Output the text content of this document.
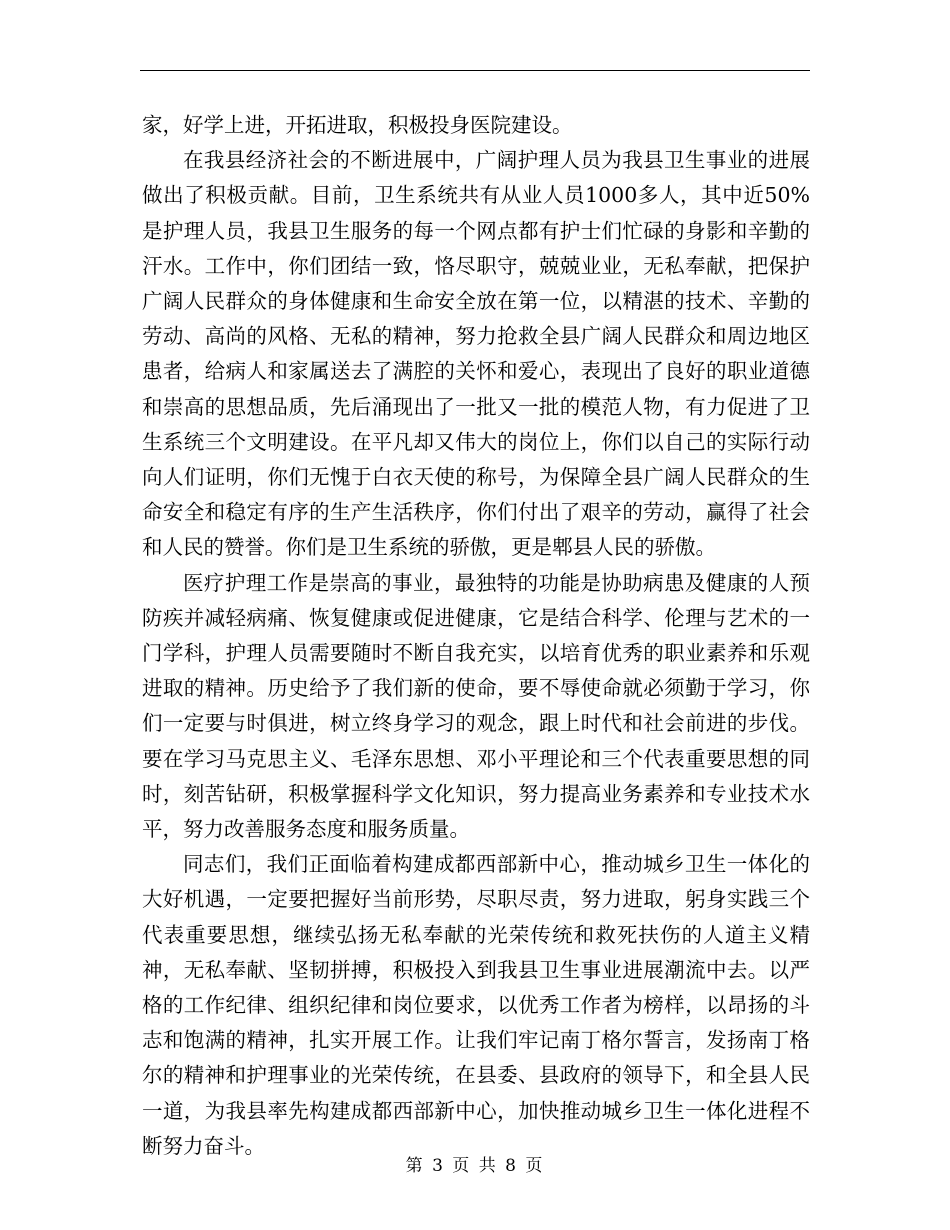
家，好学上进，开拓进取，积极投身医院建设。

在我县经济社会的不断进展中，广阔护理人员为我县卫生事业的进展做出了积极贡献。目前，卫生系统共有从业人员1000多人，其中近50%是护理人员，我县卫生服务的每一个网点都有护士们忙碌的身影和辛勤的汗水。工作中，你们团结一致，恪尽职守，兢兢业业，无私奉献，把保护广阔人民群众的身体健康和生命安全放在第一位，以精湛的技术、辛勤的劳动、高尚的风格、无私的精神，努力抢救全县广阔人民群众和周边地区患者，给病人和家属送去了满腔的关怀和爱心，表现出了良好的职业道德和崇高的思想品质，先后涌现出了一批又一批的模范人物，有力促进了卫生系统三个文明建设。在平凡却又伟大的岗位上，你们以自己的实际行动向人们证明，你们无愧于白衣天使的称号，为保障全县广阔人民群众的生命安全和稳定有序的生产生活秩序，你们付出了艰辛的劳动，赢得了社会和人民的赞誉。你们是卫生系统的骄傲，更是郫县人民的骄傲。

医疗护理工作是崇高的事业，最独特的功能是协助病患及健康的人预防疾并减轻病痛、恢复健康或促进健康，它是结合科学、伦理与艺术的一门学科，护理人员需要随时不断自我充实，以培育优秀的职业素养和乐观进取的精神。历史给予了我们新的使命，要不辱使命就必须勤于学习，你们一定要与时俱进，树立终身学习的观念，跟上时代和社会前进的步伐。要在学习马克思主义、毛泽东思想、邓小平理论和三个代表重要思想的同时，刻苦钻研，积极掌握科学文化知识，努力提高业务素养和专业技术水平，努力改善服务态度和服务质量。

同志们，我们正面临着构建成都西部新中心，推动城乡卫生一体化的大好机遇，一定要把握好当前形势，尽职尽责，努力进取，躬身实践三个代表重要思想，继续弘扬无私奉献的光荣传统和救死扶伤的人道主义精神，无私奉献、坚韧拼搏，积极投入到我县卫生事业进展潮流中去。以严格的工作纪律、组织纪律和岗位要求，以优秀工作者为榜样，以昂扬的斗志和饱满的精神，扎实开展工作。让我们牢记南丁格尔誓言，发扬南丁格尔的精神和护理事业的光荣传统，在县委、县政府的领导下，和全县人民一道，为我县率先构建成都西部新中心，加快推动城乡卫生一体化进程不断努力奋斗。

第 3 页 共 8 页
